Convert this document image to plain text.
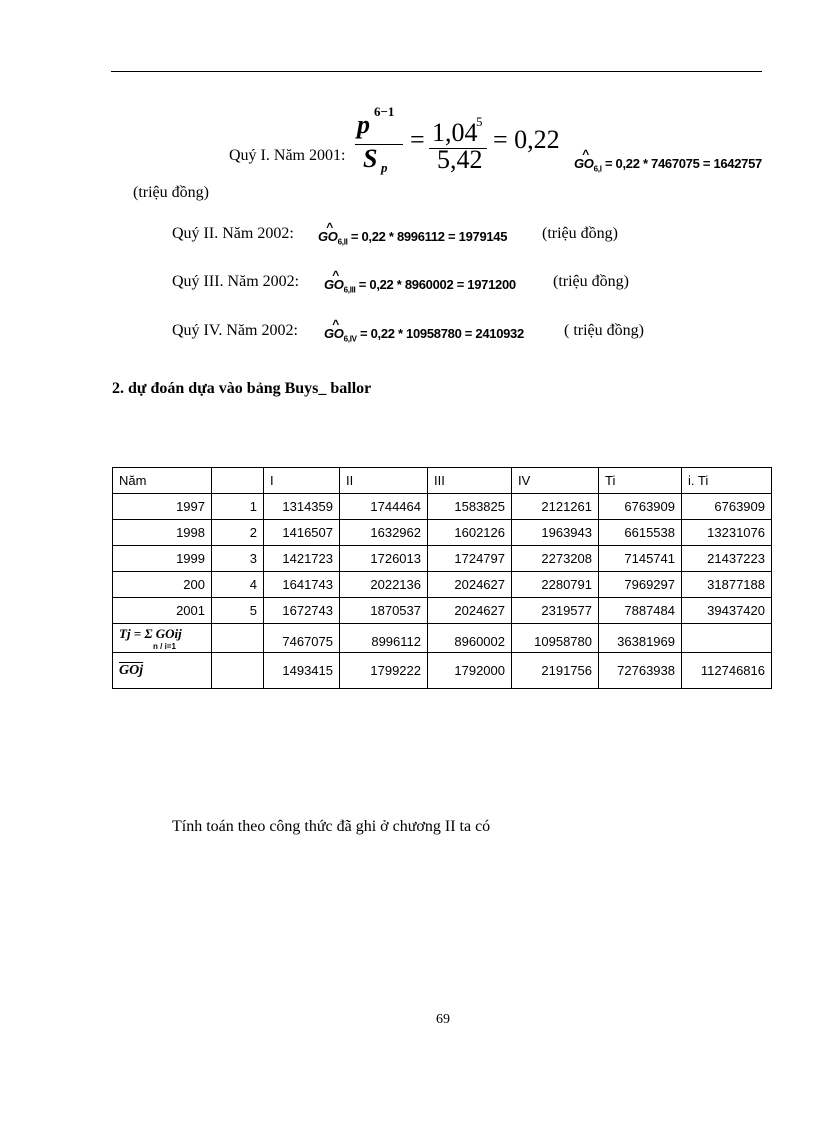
p 6−1
S p
= 1,04
5
5,42
= 0,22
Quý I. Năm 2001:	^ $GO_{6,I} = 0,22 * 7467075 = 1642757$
(triệu đồng)
Quý II. Năm 2002: ^ $GO_{6,II} = 0,22 * 8996112 = 1979145$ (triệu đồng)
Quý III. Năm 2002: ^ $GO_{6,III} = 0,22 * 8960002 = 1971200$ (triệu đồng)
Quý IV. Năm 2002: ^ $GO_{6,IV} = 0,22 * 10958780 = 2410932$	( triệu đồng)
2. dự đoán dựa vào bảng Buys_ ballor
Năm		I	II	III	IV	Ti	i. Ti
1997	1	1314359	1744464	1583825	2121261	6763909	6763909
1998	2	1416507	1632962	1602126	1963943	6615538	13231076
1999	3	1421723	1726013	1724797	2273208	7145741	21437223
200	4	1641743	2022136	2024627	2280791	7969297	31877188
2001	5	1672743	1870537	2024627	2319577	7887484	39437420
Tj = Σ GOij
n / i=1		7467075	8996112	8960002	10958780	36381969	
$\overline{GOj}$		1493415	1799222	1792000	2191756	72763938	112746816
Tính toán theo công thức đã ghi ở chương II ta có
69
